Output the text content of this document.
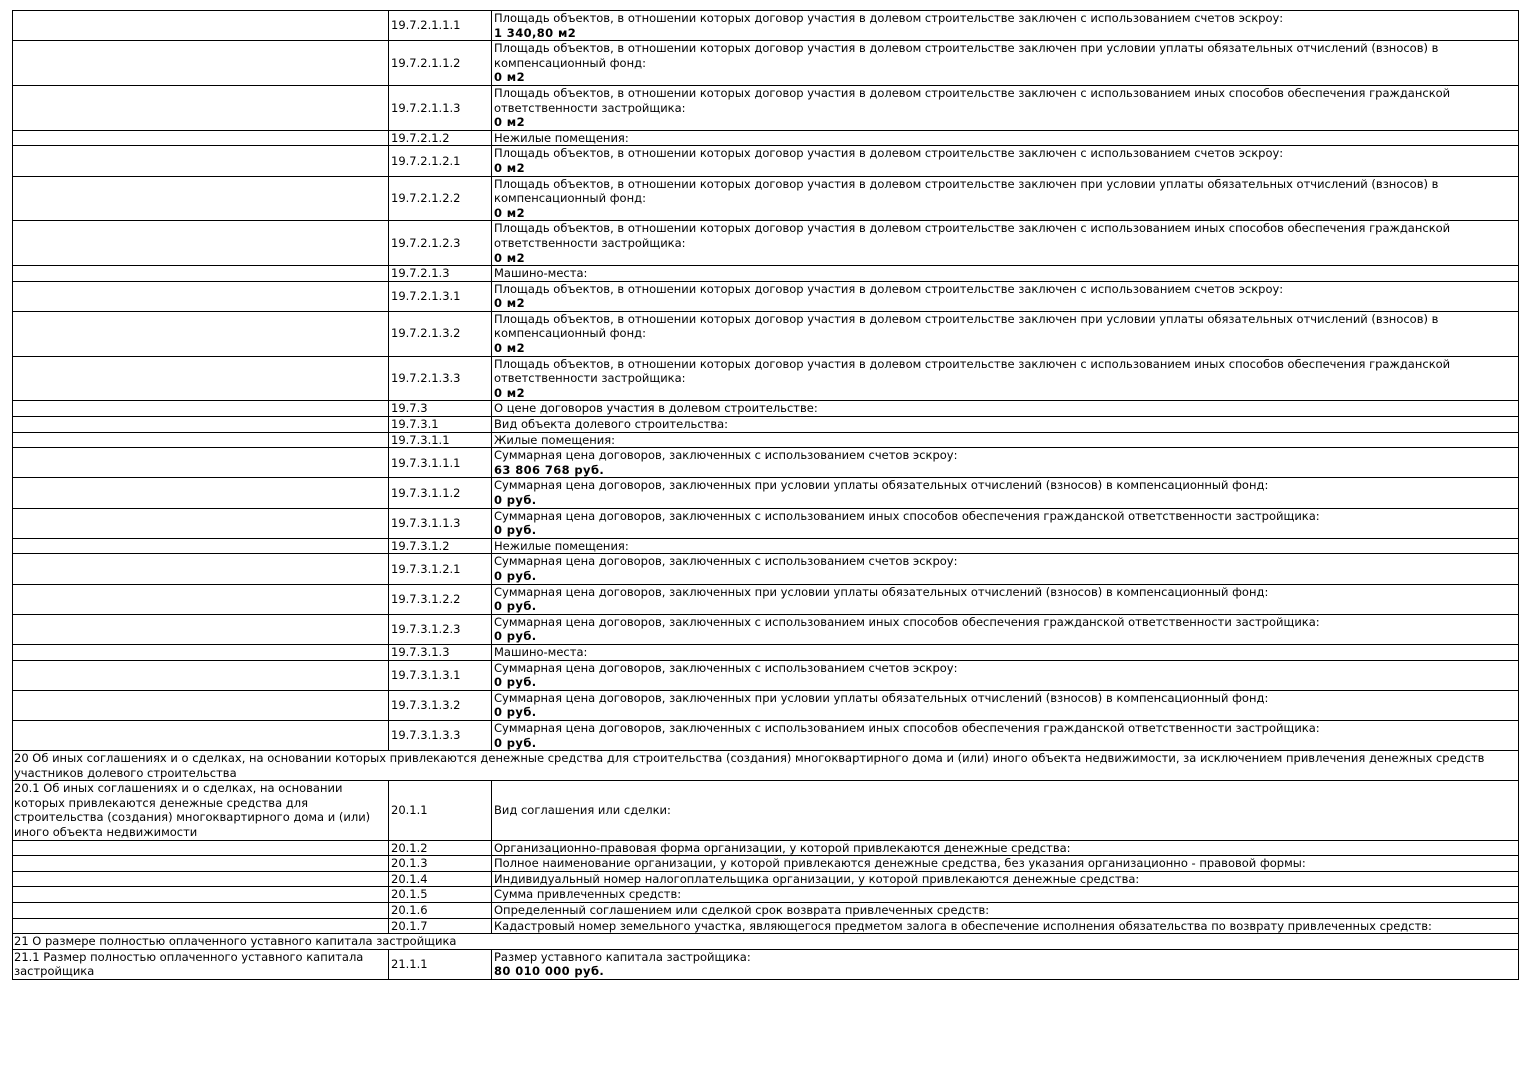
	19.7.2.1.1.1	Площадь объектов, в отношении которых договор участия в долевом строительстве заключен с использованием счетов эскроу:
1 340,80 м2

	19.7.2.1.1.2	Площадь объектов, в отношении которых договор участия в долевом строительстве заключен при условии уплаты обязательных отчислений (взносов) в
компенсационный фонд:
0 м2

	19.7.2.1.1.3	Площадь объектов, в отношении которых договор участия в долевом строительстве заключен с использованием иных способов обеспечения гражданской
ответственности застройщика:
0 м2

	19.7.2.1.2	Нежилые помещения:

	19.7.2.1.2.1	Площадь объектов, в отношении которых договор участия в долевом строительстве заключен с использованием счетов эскроу:
0 м2

	19.7.2.1.2.2	Площадь объектов, в отношении которых договор участия в долевом строительстве заключен при условии уплаты обязательных отчислений (взносов) в
компенсационный фонд:
0 м2

	19.7.2.1.2.3	Площадь объектов, в отношении которых договор участия в долевом строительстве заключен с использованием иных способов обеспечения гражданской
ответственности застройщика:
0 м2

	19.7.2.1.3	Машино-места:

	19.7.2.1.3.1	Площадь объектов, в отношении которых договор участия в долевом строительстве заключен с использованием счетов эскроу:
0 м2

	19.7.2.1.3.2	Площадь объектов, в отношении которых договор участия в долевом строительстве заключен при условии уплаты обязательных отчислений (взносов) в
компенсационный фонд:
0 м2

	19.7.2.1.3.3	Площадь объектов, в отношении которых договор участия в долевом строительстве заключен с использованием иных способов обеспечения гражданской
ответственности застройщика:
0 м2

	19.7.3	О цене договоров участия в долевом строительстве:

	19.7.3.1	Вид объекта долевого строительства:

	19.7.3.1.1	Жилые помещения:

	19.7.3.1.1.1	Суммарная цена договоров, заключенных с использованием счетов эскроу:
63 806 768 руб.

	19.7.3.1.1.2	Суммарная цена договоров, заключенных при условии уплаты обязательных отчислений (взносов) в компенсационный фонд:
0 руб.

	19.7.3.1.1.3	Суммарная цена договоров, заключенных с использованием иных способов обеспечения гражданской ответственности застройщика:
0 руб.

	19.7.3.1.2	Нежилые помещения:

	19.7.3.1.2.1	Суммарная цена договоров, заключенных с использованием счетов эскроу:
0 руб.

	19.7.3.1.2.2	Суммарная цена договоров, заключенных при условии уплаты обязательных отчислений (взносов) в компенсационный фонд:
0 руб.

	19.7.3.1.2.3	Суммарная цена договоров, заключенных с использованием иных способов обеспечения гражданской ответственности застройщика:
0 руб.

	19.7.3.1.3	Машино-места:

	19.7.3.1.3.1	Суммарная цена договоров, заключенных с использованием счетов эскроу:
0 руб.

	19.7.3.1.3.2	Суммарная цена договоров, заключенных при условии уплаты обязательных отчислений (взносов) в компенсационный фонд:
0 руб.

	19.7.3.1.3.3	Суммарная цена договоров, заключенных с использованием иных способов обеспечения гражданской ответственности застройщика:
0 руб.

20 Об иных соглашениях и о сделках, на основании которых привлекаются денежные средства для строительства (создания) многоквартирного дома и (или) иного объекта недвижимости, за исключением привлечения денежных средств
участников долевого строительства		

20.1 Об иных соглашениях и о сделках, на основании
которых привлекаются денежные средства для
строительства (создания) многоквартирного дома и (или)
иного объекта недвижимости	20.1.1	Вид соглашения или сделки:

	20.1.2	Организационно-правовая форма организации, у которой привлекаются денежные средства:

	20.1.3	Полное наименование организации, у которой привлекаются денежные средства, без указания организационно - правовой формы:

	20.1.4	Индивидуальный номер налогоплательщика организации, у которой привлекаются денежные средства:

	20.1.5	Сумма привлеченных средств:

	20.1.6	Определенный соглашением или сделкой срок возврата привлеченных средств:

	20.1.7	Кадастровый номер земельного участка, являющегося предметом залога в обеспечение исполнения обязательства по возврату привлеченных средств:

21 О размере полностью оплаченного уставного капитала застройщика		

21.1 Размер полностью оплаченного уставного капитала
застройщика	21.1.1	Размер уставного капитала застройщика:
80 010 000 руб.
